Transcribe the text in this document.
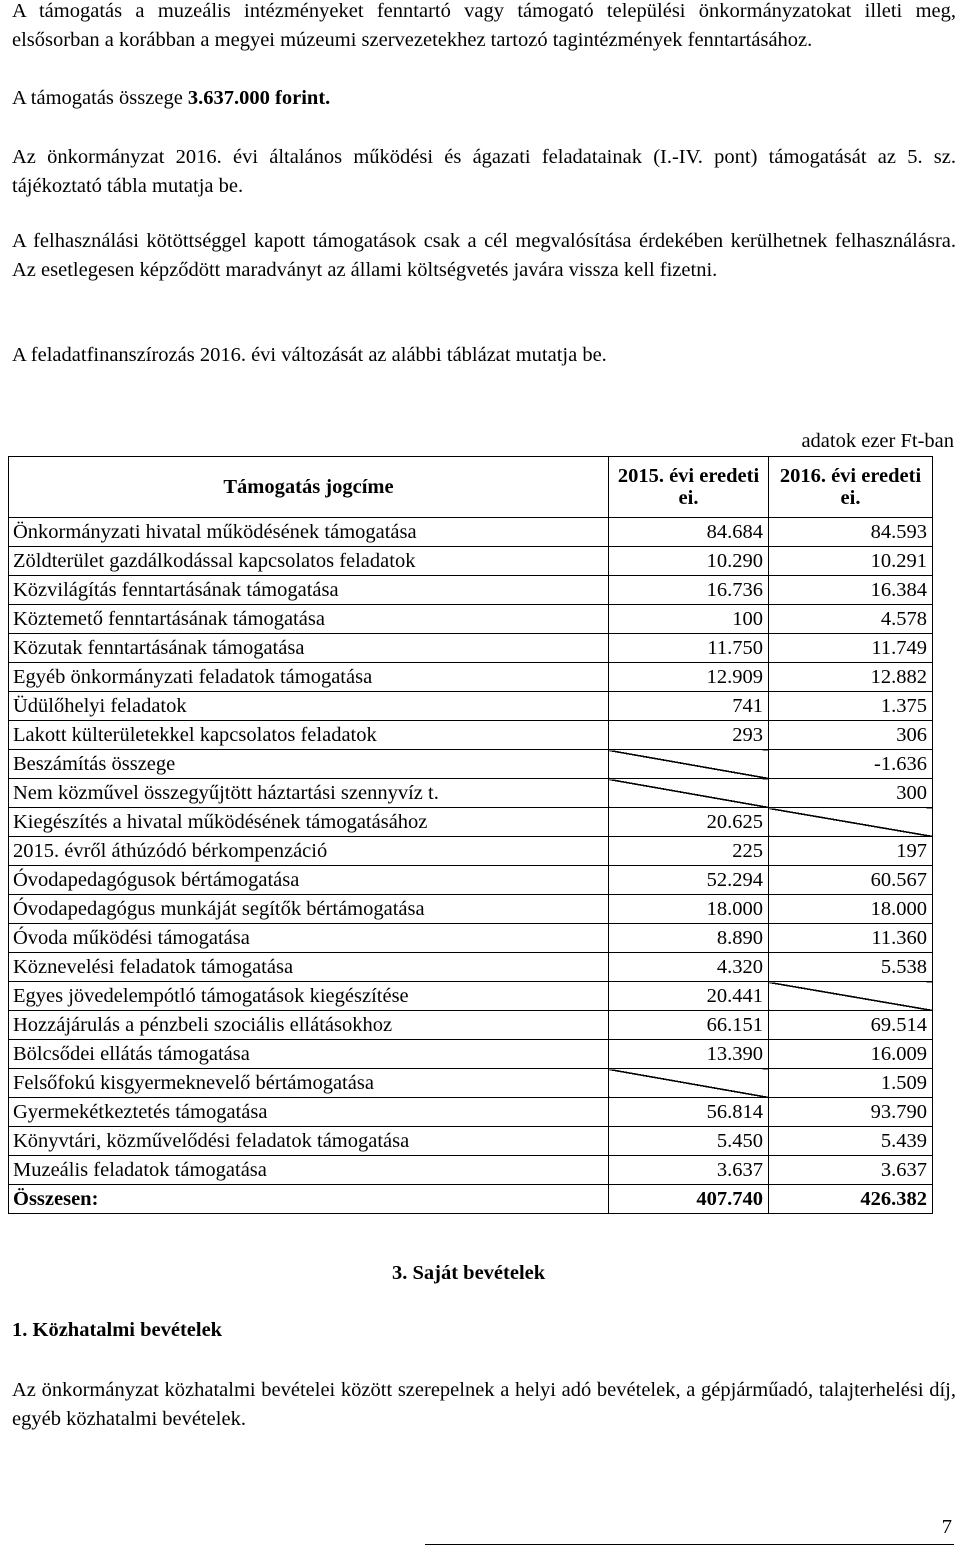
A támogatás a muzeális intézményeket fenntartó vagy támogató települési önkormányzatokat illeti meg, elsősorban a korábban a megyei múzeumi szervezetekhez tartozó tagintézmények fenntartásához.

A támogatás összege 3.637.000 forint.

Az önkormányzat 2016. évi általános működési és ágazati feladatainak (I.-IV. pont) támogatását az 5. sz. tájékoztató tábla mutatja be.

A felhasználási kötöttséggel kapott támogatások csak a cél megvalósítása érdekében kerülhetnek felhasználásra. Az esetlegesen képződött maradványt az állami költségvetés javára vissza kell fizetni.

A feladatfinanszírozás 2016. évi változását az alábbi táblázat mutatja be.

adatok ezer Ft-ban
Támogatás jogcíme	2015. évi eredeti ei.	2016. évi eredeti ei.
Önkormányzati hivatal működésének támogatása	84.684	84.593
Zöldterület gazdálkodással kapcsolatos feladatok	10.290	10.291
Közvilágítás fenntartásának támogatása	16.736	16.384
Köztemető fenntartásának támogatása	100	4.578
Közutak fenntartásának támogatása	11.750	11.749
Egyéb önkormányzati feladatok támogatása	12.909	12.882
Üdülőhelyi feladatok	741	1.375
Lakott külterületekkel kapcsolatos feladatok	293	306
Beszámítás összege		-1.636
Nem közművel összegyűjtött háztartási szennyvíz t.		300
Kiegészítés a hivatal működésének támogatásához	20.625	
2015. évről áthúzódó bérkompenzáció	225	197
Óvodapedagógusok bértámogatása	52.294	60.567
Óvodapedagógus munkáját segítők bértámogatása	18.000	18.000
Óvoda működési támogatása	8.890	11.360
Köznevelési feladatok támogatása	4.320	5.538
Egyes jövedelempótló támogatások kiegészítése	20.441	
Hozzájárulás a pénzbeli szociális ellátásokhoz	66.151	69.514
Bölcsődei ellátás támogatása	13.390	16.009
Felsőfokú kisgyermeknevelő bértámogatása		1.509
Gyermekétkeztetés támogatása	56.814	93.790
Könyvtári, közművelődési feladatok támogatása	5.450	5.439
Muzeális feladatok támogatása	3.637	3.637
Összesen:	407.740	426.382
3. Saját bevételek
1. Közhatalmi bevételek

Az önkormányzat közhatalmi bevételei között szerepelnek a helyi adó bevételek, a gépjárműadó, talajterhelési díj, egyéb közhatalmi bevételek.

7
